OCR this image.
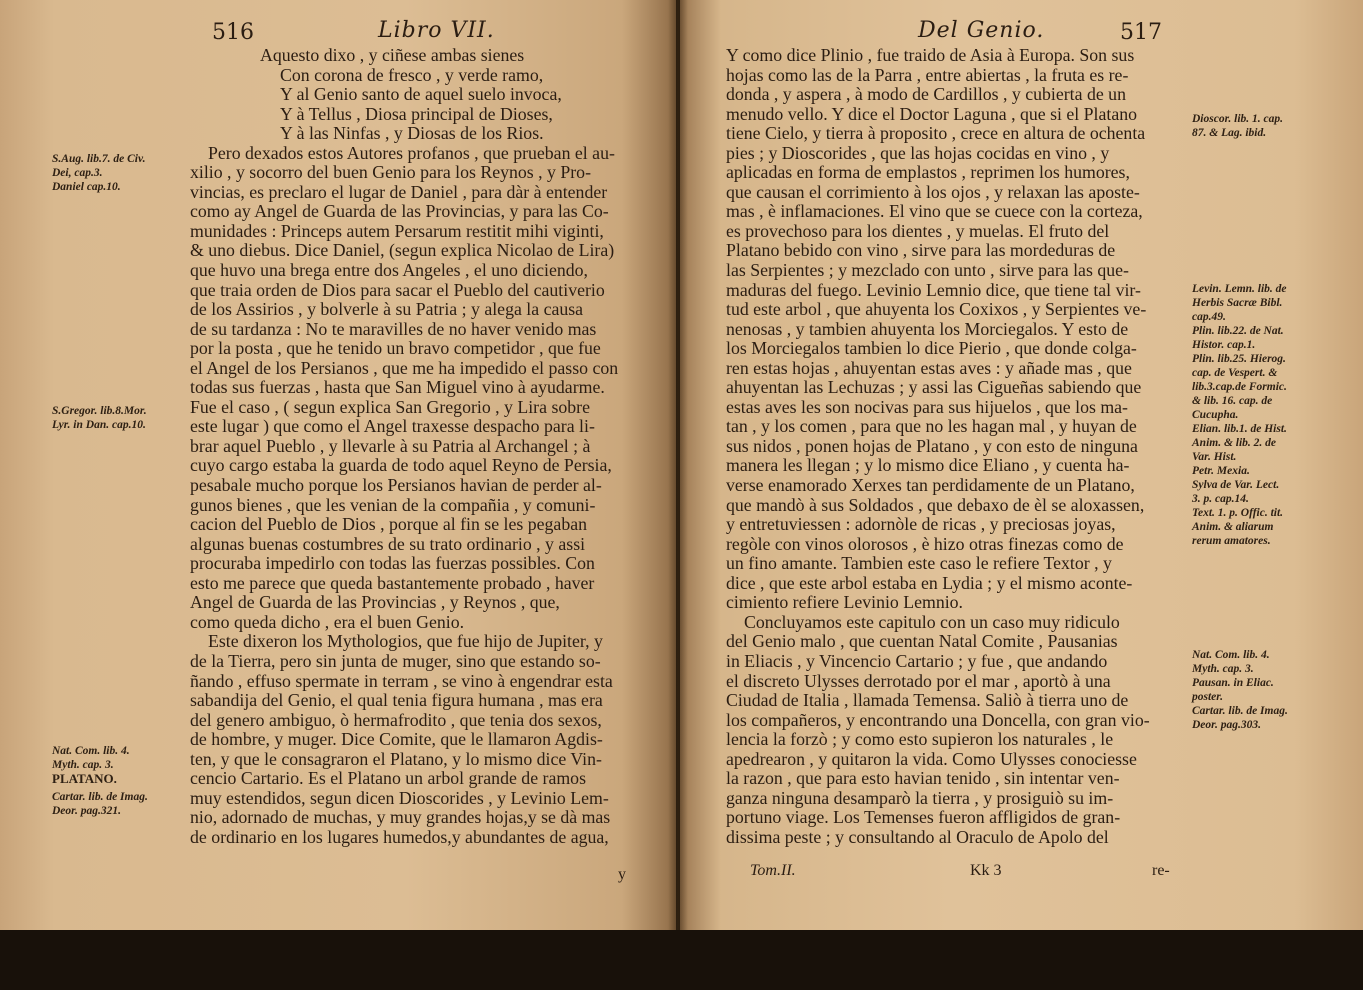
516	Libro VII.
Aquesto dixo , y ciñese ambas sienes
Con corona de fresco , y verde ramo,
Y al Genio santo de aquel suelo invoca,
Y à Tellus , Diosa principal de Dioses,
Y à las Ninfas , y Diosas de los Rios.
Pero dexados estos Autores profanos , que prueban el au-
xilio , y socorro del buen Genio para los Reynos , y Pro-
vincias, es preclaro el lugar de Daniel , para dàr à entender
como ay Angel de Guarda de las Provincias, y para las Co-
munidades : Princeps autem Persarum restitit mihi viginti,
& uno diebus. Dice Daniel, (segun explica Nicolao de Lira)
que huvo una brega entre dos Angeles , el uno diciendo,
que traia orden de Dios para sacar el Pueblo del cautiverio
de los Assirios , y bolverle à su Patria ; y alega la causa
de su tardanza : No te maravilles de no haver venido mas
por la posta , que he tenido un bravo competidor , que fue
el Angel de los Persianos , que me ha impedido el passo con
todas sus fuerzas , hasta que San Miguel vino à ayudarme.
Fue el caso , ( segun explica San Gregorio , y Lira sobre
este lugar ) que como el Angel traxesse despacho para li-
brar aquel Pueblo , y llevarle à su Patria al Archangel ; à
cuyo cargo estaba la guarda de todo aquel Reyno de Persia,
pesabale mucho porque los Persianos havian de perder al-
gunos bienes , que les venian de la compañia , y comuni-
cacion del Pueblo de Dios , porque al fin se les pegaban
algunas buenas costumbres de su trato ordinario , y assi
procuraba impedirlo con todas las fuerzas possibles. Con
esto me parece que queda bastantemente probado , haver
Angel de Guarda de las Provincias , y Reynos , que,
como queda dicho , era el buen Genio.
Este dixeron los Mythologios, que fue hijo de Jupiter, y
de la Tierra, pero sin junta de muger, sino que estando so-
ñando , effuso spermate in terram , se vino à engendrar esta
sabandija del Genio, el qual tenia figura humana , mas era
del genero ambiguo, ò hermafrodito , que tenia dos sexos,
de hombre, y muger. Dice Comite, que le llamaron Agdis-
ten, y que le consagraron el Platano, y lo mismo dice Vin-
cencio Cartario. Es el Platano un arbol grande de ramos
muy estendidos, segun dicen Dioscorides , y Levinio Lem-
nio, adornado de muchas, y muy grandes hojas,y se dà mas
de ordinario en los lugares humedos,y abundantes de agua,
S.Aug. lib.7. de Civ.
Dei, cap.3.
Daniel cap.10.
S.Gregor. lib.8.Mor.
Lyr. in Dan. cap.10.
Nat. Com. lib. 4.
Myth. cap. 3.
PLATANO.
Cartar. lib. de Imag.
Deor. pag.321.
y
Del Genio.	517
Y como dice Plinio , fue traido de Asia à Europa. Son sus
hojas como las de la Parra , entre abiertas , la fruta es re-
donda , y aspera , à modo de Cardillos , y cubierta de un
menudo vello. Y dice el Doctor Laguna , que si el Platano
tiene Cielo, y tierra à proposito , crece en altura de ochenta
pies ; y Dioscorides , que las hojas cocidas en vino , y
aplicadas en forma de emplastos , reprimen los humores,
que causan el corrimiento à los ojos , y relaxan las aposte-
mas , è inflamaciones. El vino que se cuece con la corteza,
es provechoso para los dientes , y muelas. El fruto del
Platano bebido con vino , sirve para las mordeduras de
las Serpientes ; y mezclado con unto , sirve para las que-
maduras del fuego. Levinio Lemnio dice, que tiene tal vir-
tud este arbol , que ahuyenta los Coxixos , y Serpientes ve-
nenosas , y tambien ahuyenta los Morciegalos. Y esto de
los Morciegalos tambien lo dice Pierio , que donde colga-
ren estas hojas , ahuyentan estas aves : y añade mas , que
ahuyentan las Lechuzas ; y assi las Cigueñas sabiendo que
estas aves les son nocivas para sus hijuelos , que los ma-
tan , y los comen , para que no les hagan mal , y huyan de
sus nidos , ponen hojas de Platano , y con esto de ninguna
manera les llegan ; y lo mismo dice Eliano , y cuenta ha-
verse enamorado Xerxes tan perdidamente de un Platano,
que mandò à sus Soldados , que debaxo de èl se aloxassen,
y entretuviessen : adornòle de ricas , y preciosas joyas,
regòle con vinos olorosos , è hizo otras finezas como de
un fino amante. Tambien este caso le refiere Textor , y
dice , que este arbol estaba en Lydia ; y el mismo aconte-
cimiento refiere Levinio Lemnio.
Concluyamos este capitulo con un caso muy ridiculo
del Genio malo , que cuentan Natal Comite , Pausanias
in Eliacis , y Vincencio Cartario ; y fue , que andando
el discreto Ulysses derrotado por el mar , aportò à una
Ciudad de Italia , llamada Temensa. Saliò à tierra uno de
los compañeros, y encontrando una Doncella, con gran vio-
lencia la forzò ; y como esto supieron los naturales , le
apedrearon , y quitaron la vida. Como Ulysses conociesse
la razon , que para esto havian tenido , sin intentar ven-
ganza ninguna desamparò la tierra , y prosiguiò su im-
portuno viage. Los Temenses fueron affligidos de gran-
dissima peste ; y consultando al Oraculo de Apolo del
Dioscor. lib. 1. cap.
87. & Lag. ibid.
Levin. Lemn. lib. de
Herbis Sacræ Bibl.
cap.49.
Plin. lib.22. de Nat.
Histor. cap.1.
Plin. lib.25. Hierog.
cap. de Vespert. &
lib.3.cap.de Formic.
& lib. 16. cap. de
Cucupha.
Elian. lib.1. de Hist.
Anim. & lib. 2. de
Var. Hist.
Petr. Mexia.
Sylva de Var. Lect.
3. p. cap.14.
Text. 1. p. Offic. tit.
Anim. & aliarum
rerum amatores.
Nat. Com. lib. 4.
Myth. cap. 3.
Pausan. in Eliac.
poster.
Cartar. lib. de Imag.
Deor. pag.303.
Tom.II.	Kk 3	re-
